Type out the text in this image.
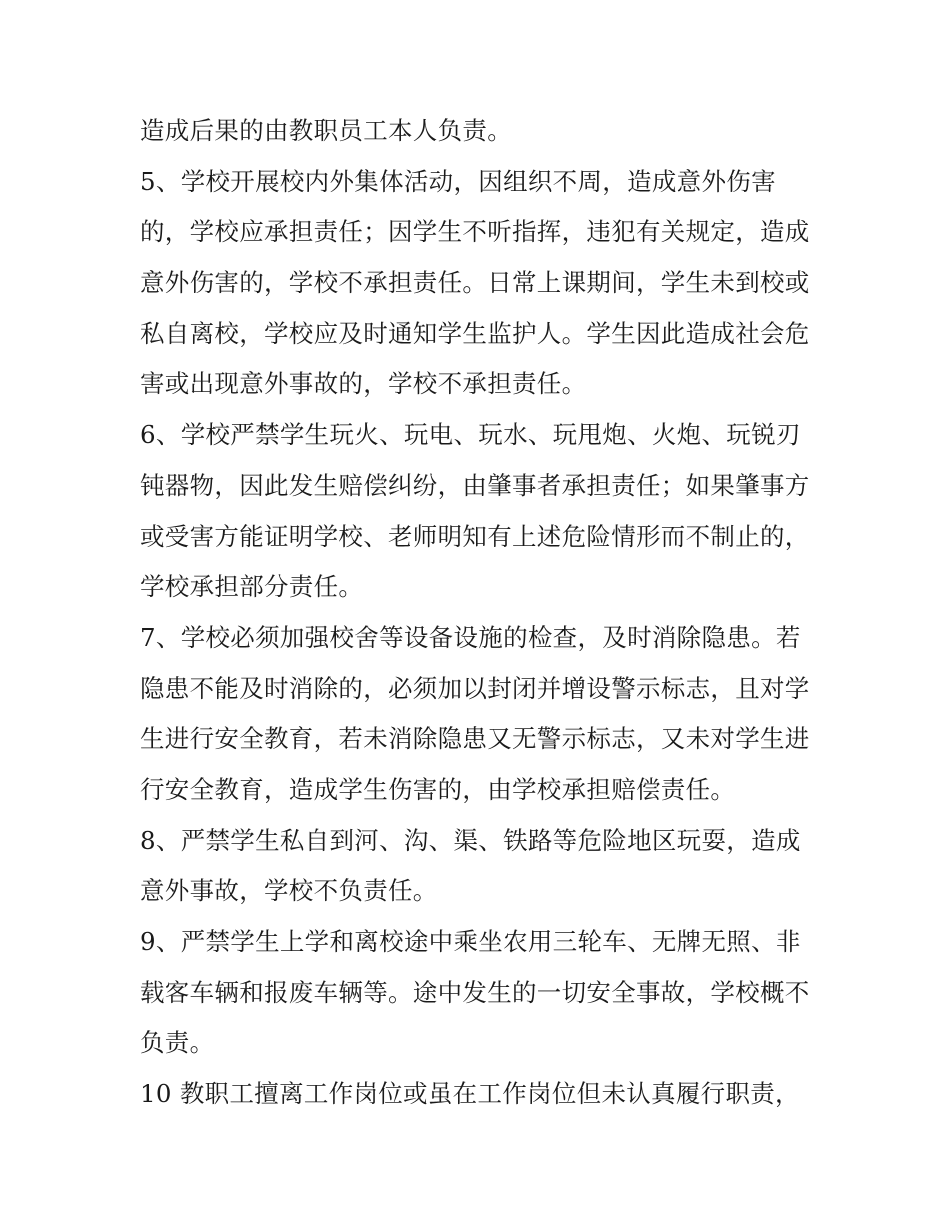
造成后果的由教职员工本人负责。
5、学校开展校内外集体活动，因组织不周，造成意外伤害
的，学校应承担责任；因学生不听指挥，违犯有关规定，造成
意外伤害的，学校不承担责任。日常上课期间，学生未到校或
私自离校，学校应及时通知学生监护人。学生因此造成社会危
害或出现意外事故的，学校不承担责任。
6、学校严禁学生玩火、玩电、玩水、玩甩炮、火炮、玩锐刃
钝器物，因此发生赔偿纠纷，由肇事者承担责任；如果肇事方
或受害方能证明学校、老师明知有上述危险情形而不制止的，
学校承担部分责任。
7、学校必须加强校舍等设备设施的检查，及时消除隐患。若
隐患不能及时消除的，必须加以封闭并增设警示标志，且对学
生进行安全教育，若未消除隐患又无警示标志，又未对学生进
行安全教育，造成学生伤害的，由学校承担赔偿责任。
8、严禁学生私自到河、沟、渠、铁路等危险地区玩耍，造成
意外事故，学校不负责任。
9、严禁学生上学和离校途中乘坐农用三轮车、无牌无照、非
载客车辆和报废车辆等。途中发生的一切安全事故，学校概不
负责。
10 教职工擅离工作岗位或虽在工作岗位但未认真履行职责，
